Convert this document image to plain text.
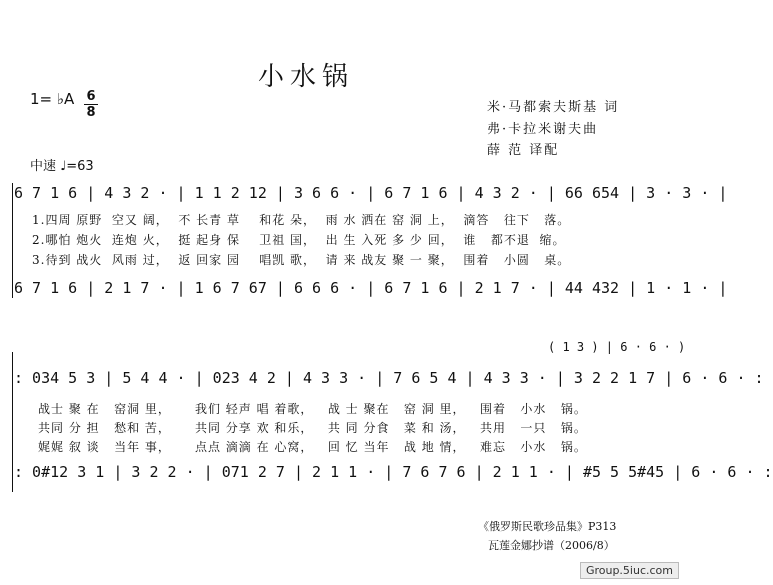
小水锅
1= ♭A 6
8	米·马都索夫斯基 词
弗·卡拉米谢夫曲
薛 范 译配
中速 ♩=63
6 7 1 6 | 4 3 2 · | 1 1 2 12 | 3 6 6 · | 6 7 1 6 | 4 3 2 · | 66 654 | 3 · 3 · |
1.四周 原野  空又 阔，  不 长青 草    和花 朵，  雨 水 洒在 窑 洞 上，  滴答   往下   落。
2.哪怕 炮火  连炮 火，  挺 起身 保    卫祖 国，  出 生 入死 多 少 回，  谁   都不退  缩。
3.待到 战火  风雨 过，  返 回家 园    唱凯 歌，  请 来 战友 聚 一 聚，  围着   小圆   桌。
6 7 1 6 | 2 1 7 · | 1 6 7 67 | 6 6 6 · | 6 7 1 6 | 2 1 7 · | 44 432 | 1 · 1 · |
( 1 3 ) | 6 · 6 · )
: 034 5 3 | 5 4 4 · | 023 4 2 | 4 3 3 · | 7 6 5 4 | 4 3 3 · | 3 2 2 1 7 | 6 · 6 · :
战士 聚 在   窑洞 里，     我们 轻声 唱 着歌，   战 士 聚在   窑 洞 里，   围着   小水   锅。
共同 分 担   愁和 苦，     共同 分享 欢 和乐，   共 同 分食   菜 和 汤，   共用   一只   锅。
娓娓 叙 谈   当年 事，     点点 滴滴 在 心窝，   回 忆 当年   战 地 情，   难忘   小水   锅。
: 0#12 3 1 | 3 2 2 · | 071 2 7 | 2 1 1 · | 7 6 7 6 | 2 1 1 · | #5 5 5#45 | 6 · 6 · :
《俄罗斯民歌珍品集》P313
瓦莲金娜抄谱（2006/8）
Group.5iuc.com
